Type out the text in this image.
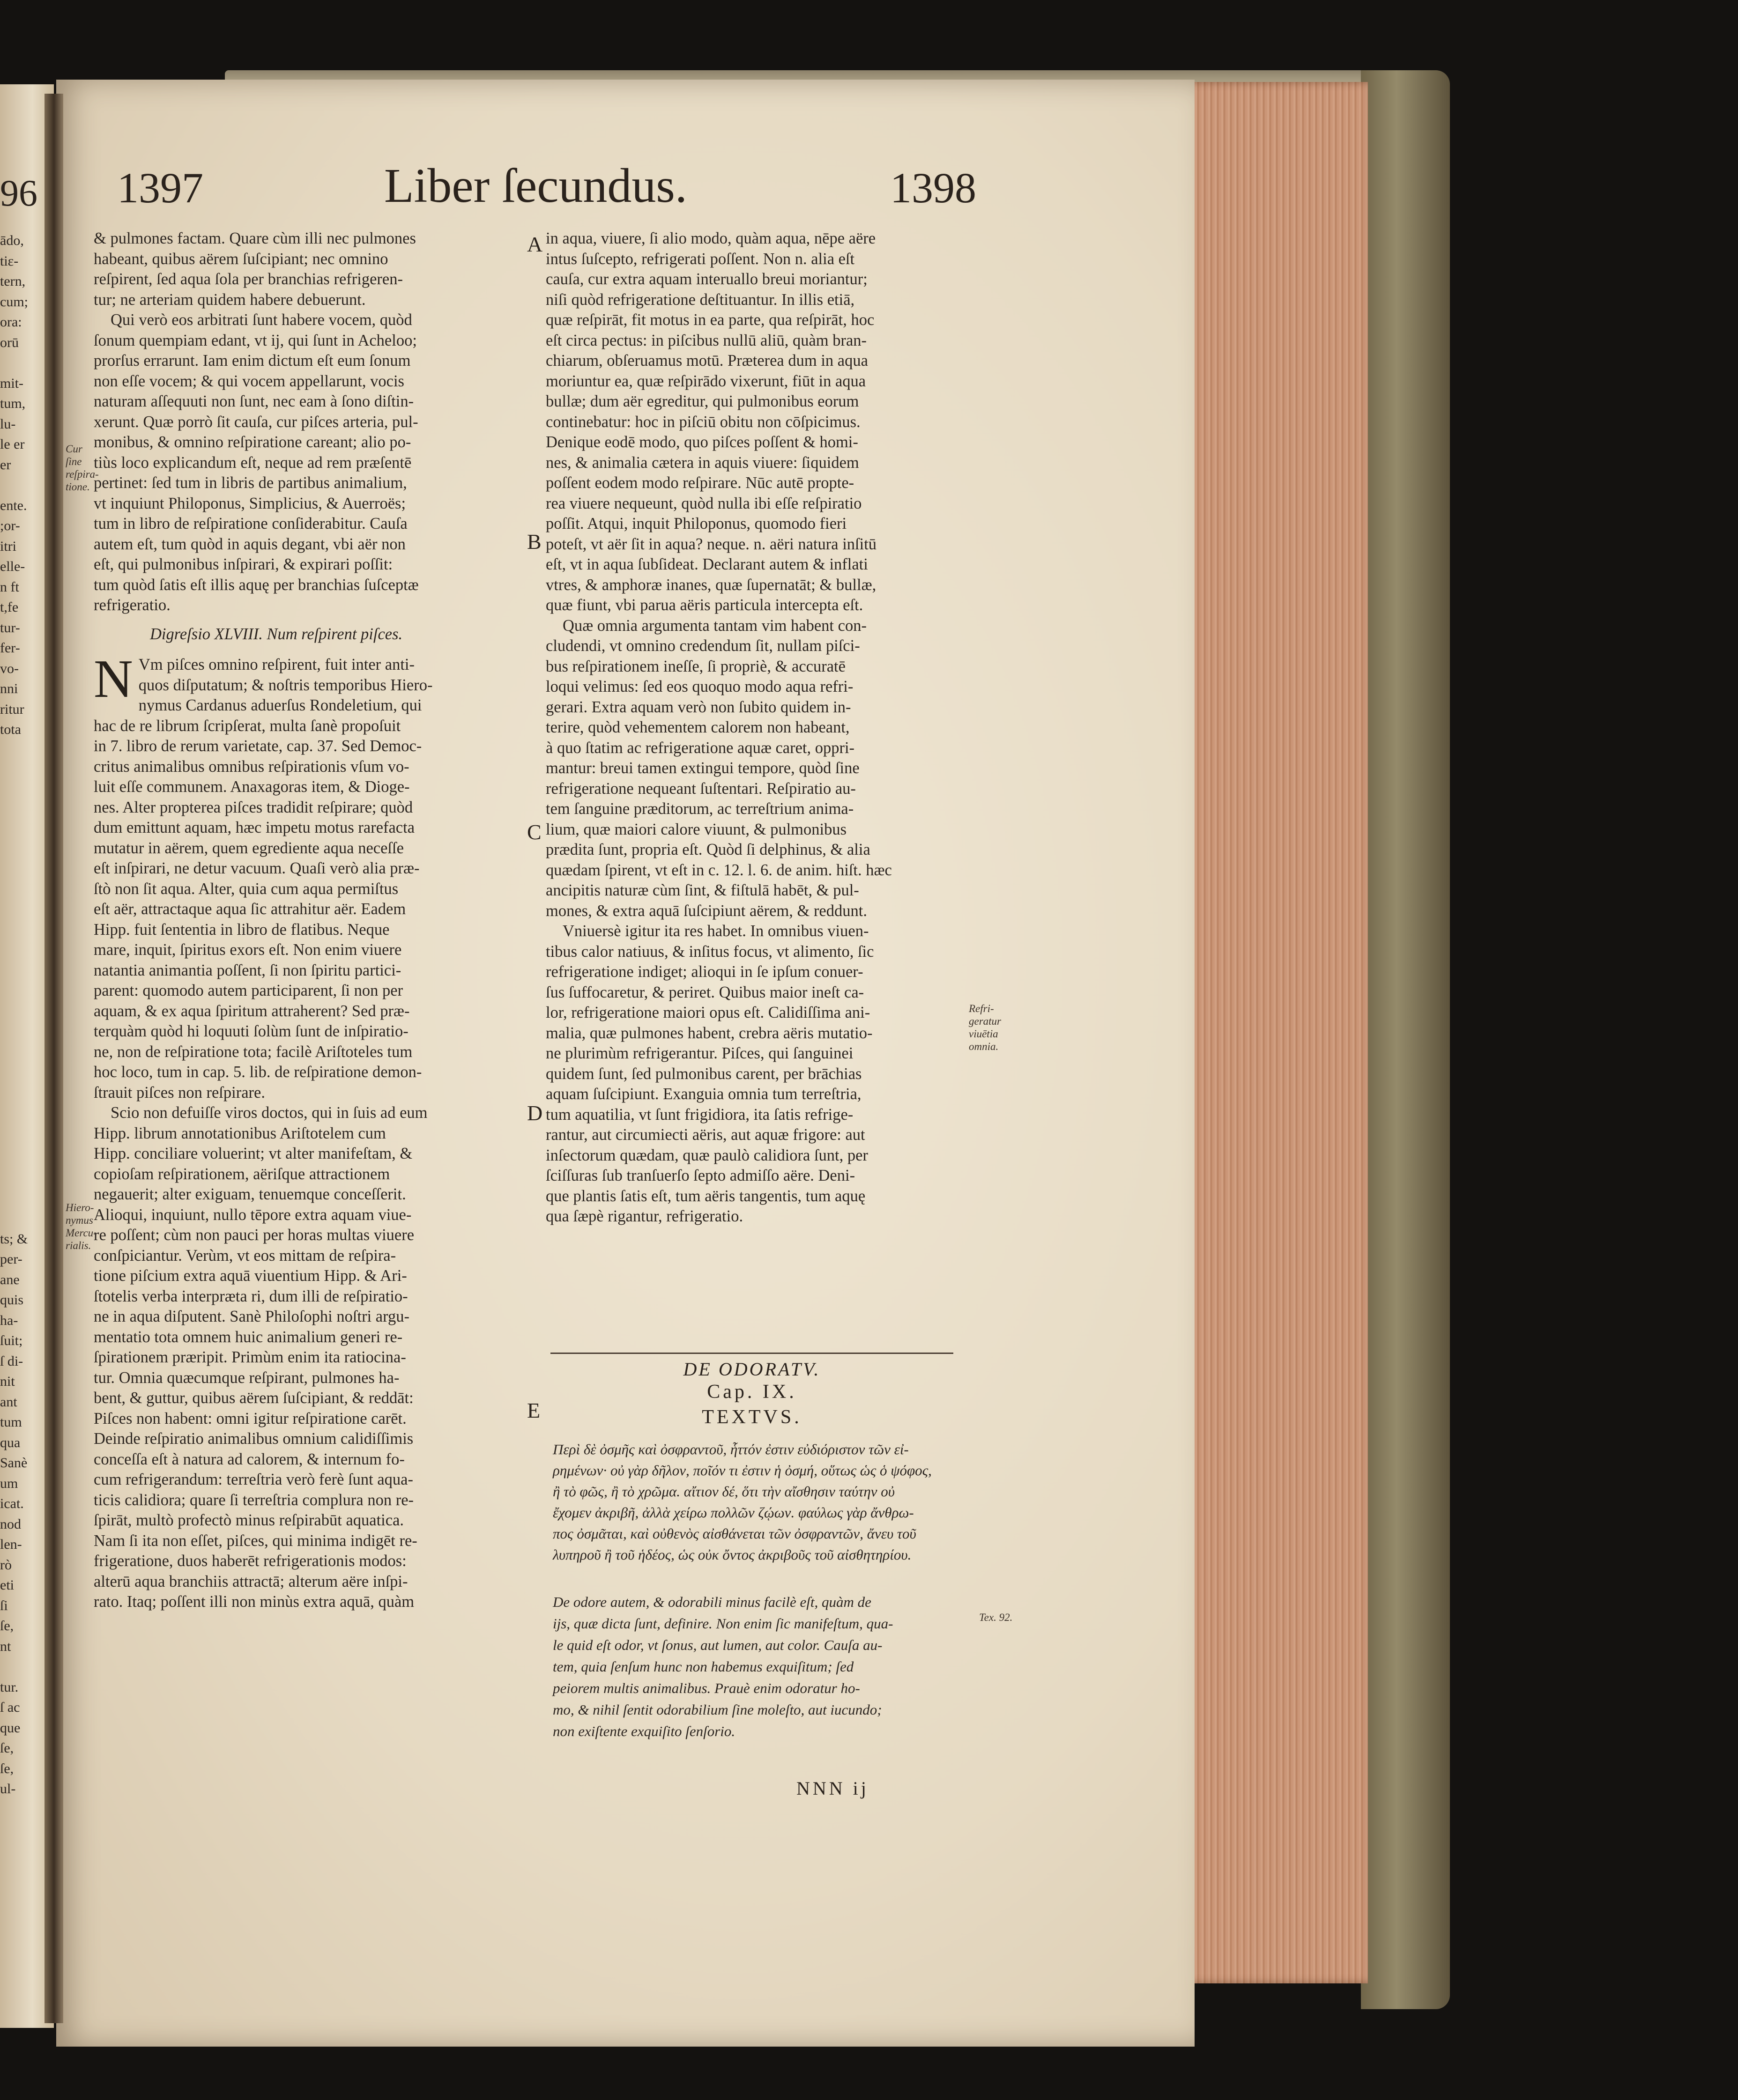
96 1397	Liber ſecundus.	1398
& pulmones factam. Quare cùm illi nec pulmones
habeant, quibus aërem ſuſcipiant; nec omnino
reſpirent, ſed aqua ſola per branchias refrigeren-
tur; ne arteriam quidem habere debuerunt.
Qui verò eos arbitrati ſunt habere vocem, quòd
ſonum quempiam edant, vt ij, qui ſunt in Acheloo;
prorſus errarunt. Iam enim dictum eſt eum ſonum
non eſſe vocem; & qui vocem appellarunt, vocis
naturam aſſequuti non ſunt, nec eam à ſono diſtin-
xerunt. Quæ porrò ſit cauſa, cur piſces arteria, pul-
monibus, & omnino reſpiratione careant; alio po-
tiùs loco explicandum eſt, neque ad rem præſentē
pertinet: ſed tum in libris de partibus animalium,
vt inquiunt Philoponus, Simplicius, & Auerroës;
tum in libro de reſpiratione conſiderabitur. Cauſa
autem eſt, tum quòd in aquis degant, vbi aër non
eſt, qui pulmonibus inſpirari, & expirari poſſit:
tum quòd ſatis eſt illis aquę per branchias ſuſceptæ
refrigeratio.

Digreſsio XLVIII. Num reſpirent piſces.

N Vm piſces omnino reſpirent, fuit inter anti-
quos diſputatum; & noſtris temporibus Hiero-
nymus Cardanus aduerſus Rondeletium, qui
hac de re librum ſcripſerat, multa ſanè propoſuit
in 7. libro de rerum varietate, cap. 37. Sed Democ-
critus animalibus omnibus reſpirationis vſum vo-
luit eſſe communem. Anaxagoras item, & Dioge-
nes. Alter propterea piſces tradidit reſpirare; quòd
dum emittunt aquam, hæc impetu motus rarefacta
mutatur in aërem, quem egrediente aqua neceſſe
eſt inſpirari, ne detur vacuum. Quaſi verò alia præ-
ſtò non ſit aqua. Alter, quia cum aqua permiſtus
eſt aër, attractaque aqua ſic attrahitur aër. Eadem
Hipp. fuit ſententia in libro de flatibus. Neque
mare, inquit, ſpiritus exors eſt. Non enim viuere
natantia animantia poſſent, ſi non ſpiritu partici-
parent: quomodo autem participarent, ſi non per
aquam, & ex aqua ſpiritum attraherent? Sed præ-
terquàm quòd hi loquuti ſolùm ſunt de inſpiratio-
ne, non de reſpiratione tota; facilè Ariſtoteles tum
hoc loco, tum in cap. 5. lib. de reſpiratione demon-
ſtrauit piſces non reſpirare.
Scio non defuiſſe viros doctos, qui in ſuis ad eum
Hipp. librum annotationibus Ariſtotelem cum
Hipp. conciliare voluerint; vt alter manifeſtam, &
copioſam reſpirationem, aëriſque attractionem
negauerit; alter exiguam, tenuemque conceſſerit.
Alioqui, inquiunt, nullo tēpore extra aquam viue-
re poſſent; cùm non pauci per horas multas viuere
conſpiciantur. Verùm, vt eos mittam de reſpira-
tione piſcium extra aquā viuentium Hipp. & Ari-
ſtotelis verba interpræta ri, dum illi de reſpiratio-
ne in aqua diſputent. Sanè Philoſophi noſtri argu-
mentatio tota omnem huic animalium generi re-
ſpirationem præripit. Primùm enim ita ratiocina-
tur. Omnia quæcumque reſpirant, pulmones ha-
bent, & guttur, quibus aërem ſuſcipiant, & reddāt:
Piſces non habent: omni igitur reſpiratione carēt.
Deinde reſpiratio animalibus omnium calidiſſimis
conceſſa eſt à natura ad calorem, & internum fo-
cum refrigerandum: terreſtria verò ferè ſunt aqua-
ticis calidiora; quare ſi terreſtria complura non re-
ſpirāt, multò profectò minus reſpirabūt aquatica.
Nam ſi ita non eſſet, piſces, qui minima indigēt re-
frigeratione, duos haberēt refrigerationis modos:
alterū aqua branchiis attractā; alterum aëre inſpi-
rato. Itaq; poſſent illi non minùs extra aquā, quàm
in aqua, viuere, ſi alio modo, quàm aqua, nēpe aëre
intus ſuſcepto, refrigerati poſſent. Non n. alia eſt
cauſa, cur extra aquam interuallo breui moriantur;
niſi quòd refrigeratione deſtituantur. In illis etiā,
quæ reſpirāt, fit motus in ea parte, qua reſpirāt, hoc
eſt circa pectus: in piſcibus nullū aliū, quàm bran-
chiarum, obſeruamus motū. Præterea dum in aqua
moriuntur ea, quæ reſpirādo vixerunt, fiūt in aqua
bullæ; dum aër egreditur, qui pulmonibus eorum
continebatur: hoc in piſciū obitu non cōſpicimus.
Denique eodē modo, quo piſces poſſent & homi-
nes, & animalia cætera in aquis viuere: ſiquidem
poſſent eodem modo reſpirare. Nūc autē propte-
rea viuere nequeunt, quòd nulla ibi eſſe reſpiratio
poſſit. Atqui, inquit Philoponus, quomodo fieri
poteſt, vt aër ſit in aqua? neque. n. aëri natura inſitū
eſt, vt in aqua ſubſideat. Declarant autem & inflati
vtres, & amphoræ inanes, quæ ſupernatāt; & bullæ,
quæ fiunt, vbi parua aëris particula intercepta eſt.
Quæ omnia argumenta tantam vim habent con-
cludendi, vt omnino credendum ſit, nullam piſci-
bus reſpirationem ineſſe, ſi propriè, & accuratē
loqui velimus: ſed eos quoquo modo aqua refri-
gerari. Extra aquam verò non ſubito quidem in-
terire, quòd vehementem calorem non habeant,
à quo ſtatim ac refrigeratione aquæ caret, oppri-
mantur: breui tamen extingui tempore, quòd ſine
refrigeratione nequeant ſuſtentari. Reſpiratio au-
tem ſanguine præditorum, ac terreſtrium anima-
lium, quæ maiori calore viuunt, & pulmonibus
prædita ſunt, propria eſt. Quòd ſi delphinus, & alia
quædam ſpirent, vt eſt in c. 12. l. 6. de anim. hiſt. hæc
ancipitis naturæ cùm ſint, & fiſtulā habēt, & pul-
mones, & extra aquā ſuſcipiunt aërem, & reddunt.
Vniuersè igitur ita res habet. In omnibus viuen-
tibus calor natiuus, & inſitus focus, vt alimento, ſic
refrigeratione indiget; alioqui in ſe ipſum conuer-
ſus ſuffocaretur, & periret. Quibus maior ineſt ca-
lor, refrigeratione maiori opus eſt. Calidiſſima ani-
malia, quæ pulmones habent, crebra aëris mutatio-
ne plurimùm refrigerantur. Piſces, qui ſanguinei
quidem ſunt, ſed pulmonibus carent, per brāchias
aquam ſuſcipiunt. Exanguia omnia tum terreſtria,
tum aquatilia, vt ſunt frigidiora, ita ſatis refrige-
rantur, aut circumiecti aëris, aut aquæ frigore: aut
inſectorum quædam, quæ paulò calidiora ſunt, per
ſciſſuras ſub tranſuerſo ſepto admiſſo aëre. Deni-
que plantis ſatis eſt, tum aëris tangentis, tum aquę
qua ſæpè rigantur, refrigeratio.
A
B
C
D
E
Cur ſine reſpira- tione.
Hiero- nymus Mercu- rialis.
Refri- geratur viuētia omnia.
Tex. 92.
DE ODORATV.
Cap. IX.
TEXTVS.
Περὶ δὲ ὀσμῆς καὶ ὀσφραντοῦ, ἧττόν ἐστιν εὐδιόριστον τῶν εἰ-
ρημένων· οὐ γὰρ δῆλον, ποῖόν τι ἐστιν ἡ ὀσμή, οὕτως ὡς ὁ ψόφος,
ἢ τὸ φῶς, ἢ τὸ χρῶμα. αἴτιον δέ, ὅτι τὴν αἴσθησιν ταύτην οὐ
ἔχομεν ἀκριβῆ, ἀλλὰ χείρω πολλῶν ζῴων. φαύλως γὰρ ἄνθρω-
πος ὀσμᾶται, καὶ οὐθενὸς αἰσθάνεται τῶν ὀσφραντῶν, ἄνευ τοῦ
λυπηροῦ ἢ τοῦ ἡδέος, ὡς οὐκ ὄντος ἀκριβοῦς τοῦ αἰσθητηρίου.
De odore autem, & odorabili minus facilè eſt, quàm de
ijs, quæ dicta ſunt, definire. Non enim ſic manifeſtum, qua-
le quid eſt odor, vt ſonus, aut lumen, aut color. Cauſa au-
tem, quia ſenſum hunc non habemus exquiſitum; ſed
peiorem multis animalibus. Prauè enim odoratur ho-
mo, & nihil ſentit odorabilium ſine moleſto, aut iucundo;
non exiſtente exquiſito ſenſorio.
NNN ij
ādo,
tiε-
tern,
cum;
ora:
orū
mit-
tum,
lu-
le er
er
ente.
;or-
itri
elle-
n ft
t,fe
tur-
fer-
vo-
nni
ritur
tota
ts; &
per-
ane
quis
ha-
ſuit;
ſ di-
nit
ant
tum
qua
Sanè
um
icat.
nod
len-
rò
eti
ſi
ſe,
nt
tur.
ſ ac
que
ſe,
ſe,
ul-
